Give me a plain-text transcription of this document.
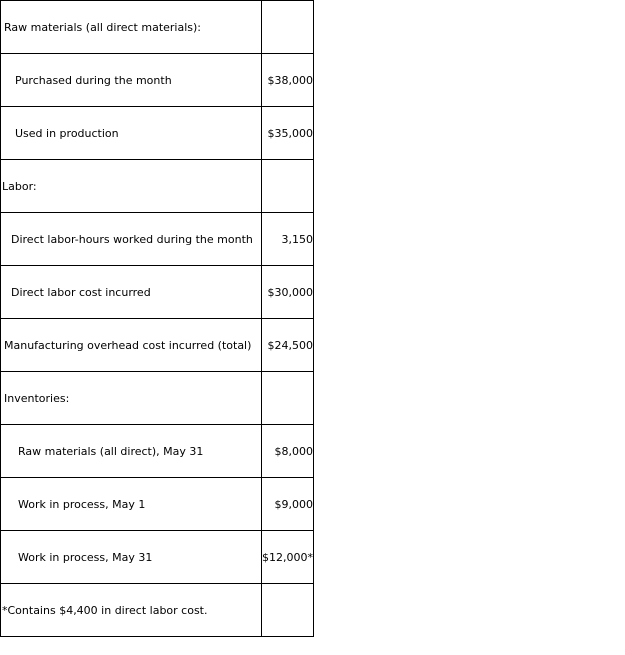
Raw materials (all direct materials):	
Purchased during the month	$38,000
Used in production	$35,000
Labor:	
Direct labor-hours worked during the month	3,150
Direct labor cost incurred	$30,000
Manufacturing overhead cost incurred (total)	$24,500
Inventories:	
Raw materials (all direct), May 31	$8,000
Work in process, May 1	$9,000
Work in process, May 31	$12,000*
*Contains $4,400 in direct labor cost.	
